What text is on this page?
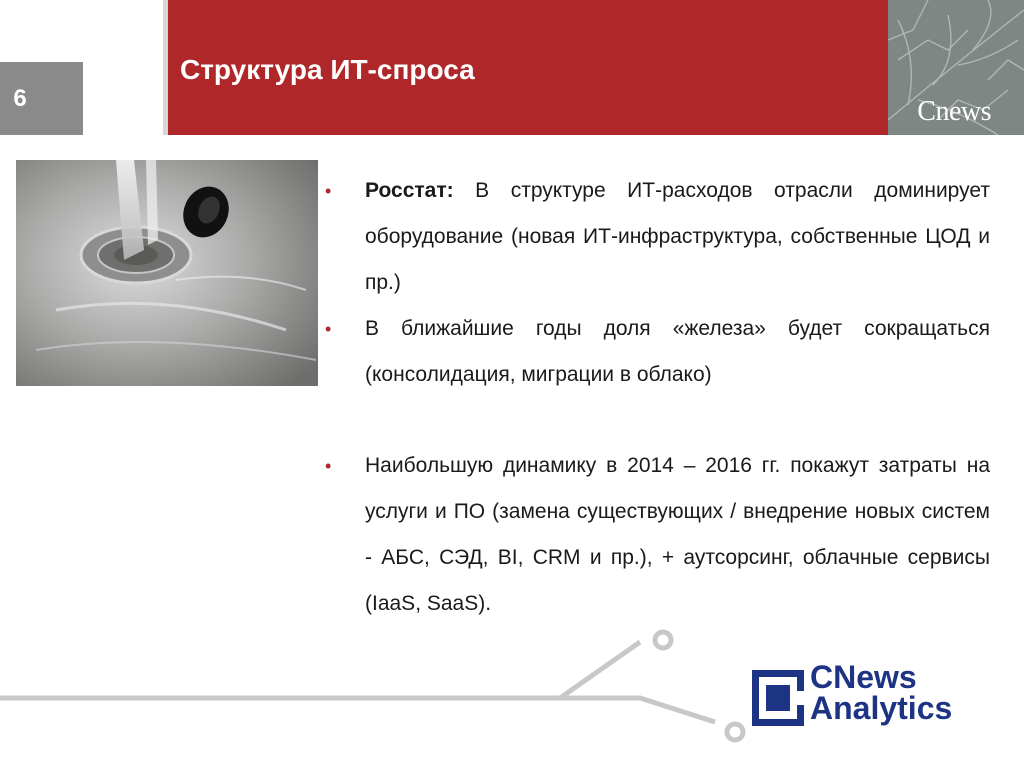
6
Структура ИТ-спроса
Cnews
• Росстат: В структуре ИТ-расходов отрасли доминирует оборудование (новая ИТ-инфраструктура, собственные ЦОД и пр.)
• В ближайшие годы доля «железа» будет сокращаться (консолидация, миграции в облако)
• Наибольшую динамику в 2014 – 2016 гг. покажут затраты на услуги и ПО (замена существующих / внедрение новых систем - АБС, СЭД, BI, CRM и пр.), + аутсорсинг, облачные сервисы (IaaS, SaaS).
CNews
Analytics
